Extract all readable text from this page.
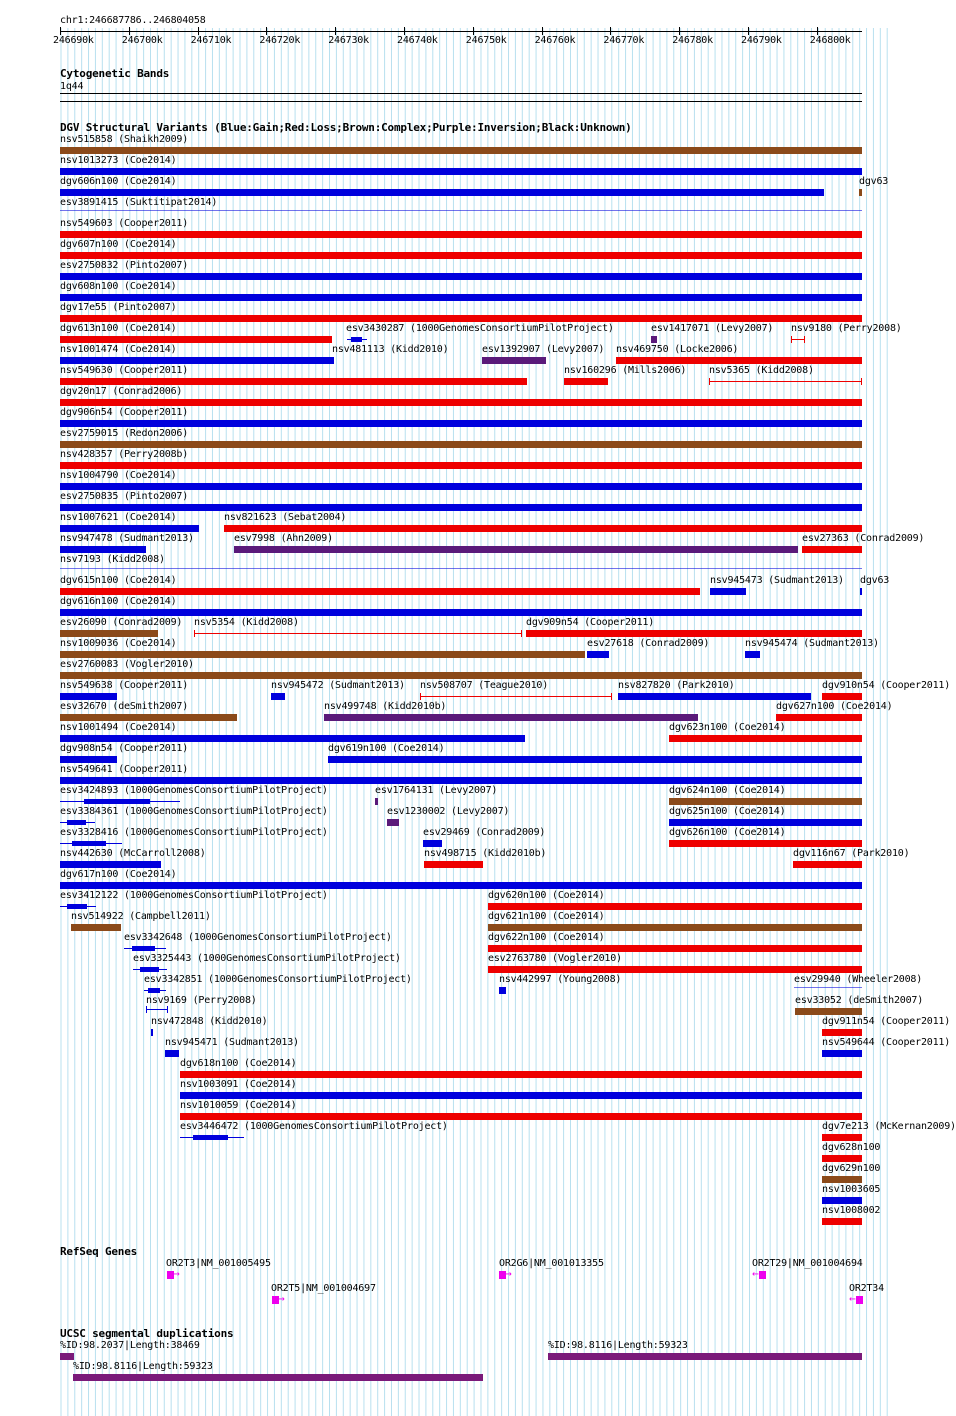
chr1:246687786..246804058
246690k	246700k	246710k	246720k	246730k	246740k	246750k	246760k	246770k	246780k	246790k	246800k
Cytogenetic Bands
1q44
DGV Structural Variants (Blue:Gain;Red:Loss;Brown:Complex;Purple:Inversion;Black:Unknown)
nsv515858 (Shaikh2009)
nsv1013273 (Coe2014)
dgv606n100 (Coe2014)	dgv63
esv3891415 (Suktitipat2014)
nsv549603 (Cooper2011)
dgv607n100 (Coe2014)
esv2750832 (Pinto2007)
dgv608n100 (Coe2014)
dgv17e55 (Pinto2007)
dgv613n100 (Coe2014)	esv3430287 (1000GenomesConsortiumPilotProject)	esv1417071 (Levy2007) nsv9180 (Perry2008)
nsv1001474 (Coe2014)	nsv481113 (Kidd2010)	esv1392907 (Levy2007) nsv469750 (Locke2006)
nsv549630 (Cooper2011)	nsv160296 (Mills2006) nsv5365 (Kidd2008)
dgv20n17 (Conrad2006)
dgv906n54 (Cooper2011)
esv2759015 (Redon2006)
nsv428357 (Perry2008b)
nsv1004790 (Coe2014)
esv2750835 (Pinto2007)
nsv1007621 (Coe2014)	nsv821623 (Sebat2004)
nsv947478 (Sudmant2013)	esv7998 (Ahn2009)	esv27363 (Conrad2009)
nsv7193 (Kidd2008)
dgv615n100 (Coe2014)	nsv945473 (Sudmant2013) dgv63
dgv616n100 (Coe2014)
esv26090 (Conrad2009) nsv5354 (Kidd2008)	dgv909n54 (Cooper2011)
nsv1009036 (Coe2014)	esv27618 (Conrad2009)	nsv945474 (Sudmant2013)
esv2760083 (Vogler2010)
nsv549638 (Cooper2011)	nsv945472 (Sudmant2013) nsv508707 (Teague2010)	nsv827820 (Park2010)	dgv910n54 (Cooper2011)
esv32670 (deSmith2007)	nsv499748 (Kidd2010b)	dgv627n100 (Coe2014)
nsv1001494 (Coe2014)	dgv623n100 (Coe2014)
dgv908n54 (Cooper2011)	dgv619n100 (Coe2014)
nsv549641 (Cooper2011)
esv3424893 (1000GenomesConsortiumPilotProject)	esv1764131 (Levy2007)	dgv624n100 (Coe2014)
esv3384361 (1000GenomesConsortiumPilotProject)	esv1230002 (Levy2007)	dgv625n100 (Coe2014)
esv3328416 (1000GenomesConsortiumPilotProject)	esv29469 (Conrad2009)	dgv626n100 (Coe2014)
nsv442630 (McCarroll2008)	nsv498715 (Kidd2010b)	dgv116n67 (Park2010)
dgv617n100 (Coe2014)
esv3412122 (1000GenomesConsortiumPilotProject)	dgv620n100 (Coe2014)
nsv514922 (Campbell2011)	dgv621n100 (Coe2014)
esv3342648 (1000GenomesConsortiumPilotProject)	dgv622n100 (Coe2014)
esv3325443 (1000GenomesConsortiumPilotProject)	esv2763780 (Vogler2010)
esv3342851 (1000GenomesConsortiumPilotProject)	nsv442997 (Young2008)	esv29940 (Wheeler2008)
nsv9169 (Perry2008)	esv33052 (deSmith2007)
nsv472848 (Kidd2010)	dgv911n54 (Cooper2011)
nsv945471 (Sudmant2013)	nsv549644 (Cooper2011)
dgv618n100 (Coe2014)
nsv1003091 (Coe2014)
nsv1010059 (Coe2014)
esv3446472 (1000GenomesConsortiumPilotProject)	dgv7e213 (McKernan2009)
dgv628n100
dgv629n100
nsv1003605
nsv1008002
RefSeq Genes
OR2T3|NM_001005495
→
OR2G6|NM_001013355
→
OR2T29|NM_001004694
←
OR2T5|NM_001004697
→
OR2T34
←
UCSC segmental duplications
%ID:98.2037|Length:38469	%ID:98.8116|Length:59323
%ID:98.8116|Length:59323
